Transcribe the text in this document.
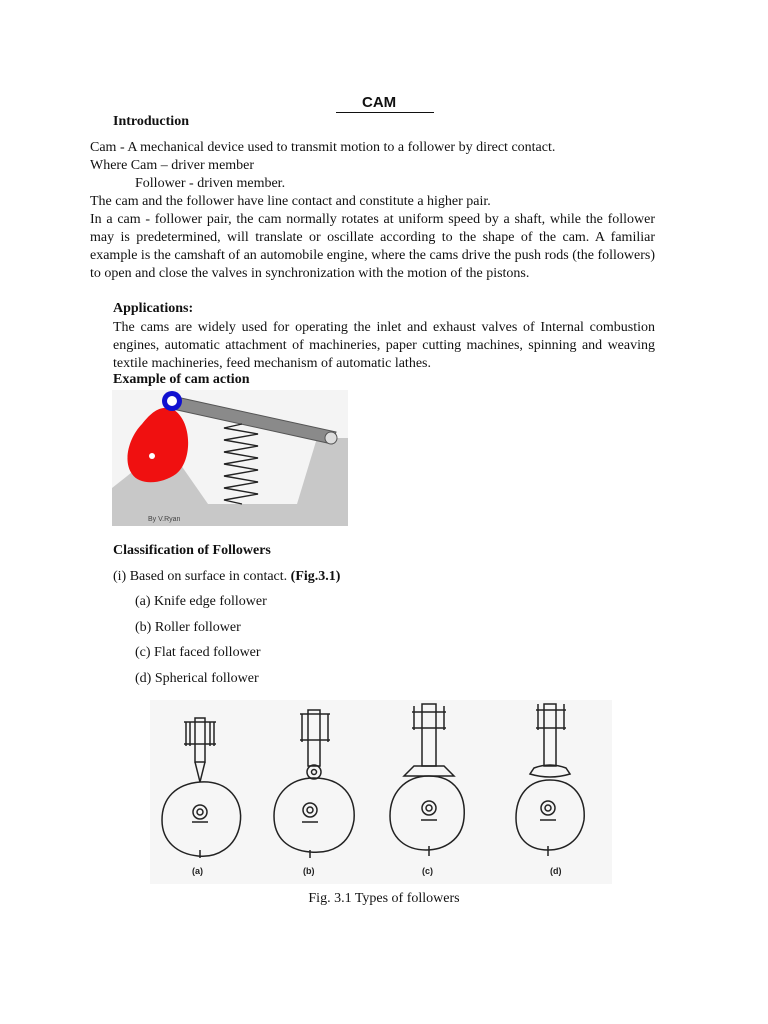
CAM
Introduction
Cam - A mechanical device used to transmit motion to a follower by direct contact.
Where Cam – driver member
Follower - driven member.
The cam and the follower have line contact and constitute a higher pair.
In a cam - follower pair, the cam normally rotates at uniform speed by a shaft, while the follower may is predetermined, will translate or oscillate according to the shape of the cam. A familiar example is the camshaft of an automobile engine, where the cams drive the push rods (the followers) to open and close the valves in synchronization with the motion of the pistons.
Applications:
The cams are widely used for operating the inlet and exhaust valves of Internal combustion engines, automatic attachment of machineries, paper cutting machines, spinning and weaving textile machineries, feed mechanism of automatic lathes.
Example of cam action
By V.Ryan
Classification of Followers
(i) Based on surface in contact. (Fig.3.1)
(a) Knife edge follower
(b) Roller follower
(c) Flat faced follower
(d) Spherical follower
(a)	(b)	(c)	(d)
Fig. 3.1 Types of followers
